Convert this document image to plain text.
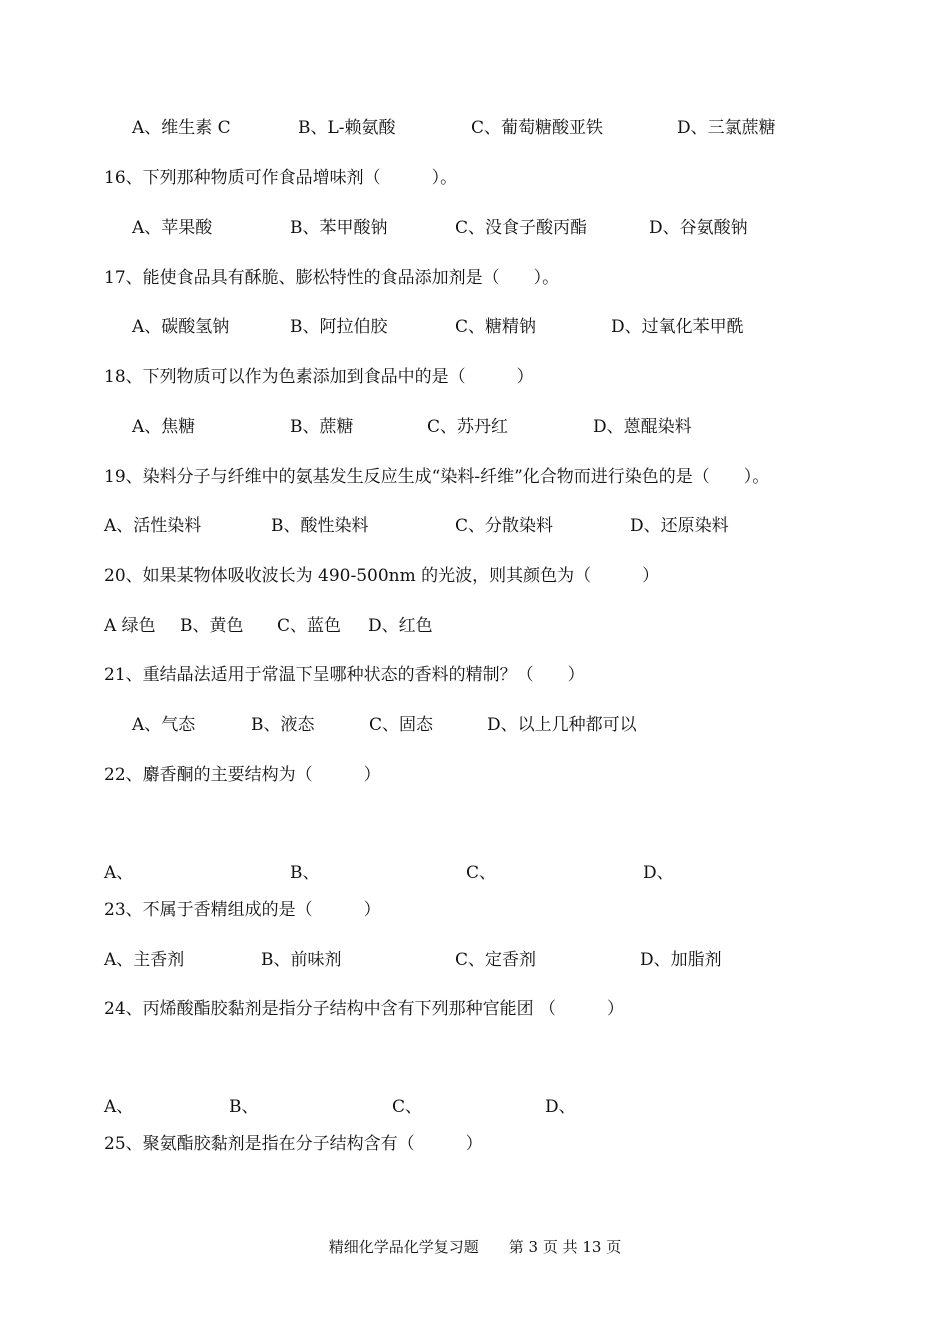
A、维生素 C	B、L-赖氨酸	C、葡萄糖酸亚铁	D、三氯蔗糖
16、下列那种物质可作食品增味剂（　　　）。
A、苹果酸	B、苯甲酸钠	C、没食子酸丙酯	D、谷氨酸钠
17、能使食品具有酥脆、膨松特性的食品添加剂是（　　）。
A、碳酸氢钠	B、阿拉伯胶	C、糖精钠	D、过氧化苯甲酰
18、下列物质可以作为色素添加到食品中的是（　　　）
A、焦糖	B、蔗糖	C、苏丹红	D、蒽醌染料
19、染料分子与纤维中的氨基发生反应生成“染料-纤维”化合物而进行染色的是（　　）。
A、活性染料	B、酸性染料	C、分散染料	D、还原染料
20、如果某物体吸收波长为 490-500nm 的光波，则其颜色为（　　　）
A 绿色 B、黄色 C、蓝色 D、红色
21、重结晶法适用于常温下呈哪种状态的香料的精制？（　　）
A、气态	B、液态	C、固态	D、以上几种都可以
22、麝香酮的主要结构为（　　　）
A、	B、	C、	D、
23、不属于香精组成的是（　　　）
A、主香剂	B、前味剂	C、定香剂	D、加脂剂
24、丙烯酸酯胶黏剂是指分子结构中含有下列那种官能团 （　　　）
A、	B、	C、	D、
25、聚氨酯胶黏剂是指在分子结构含有（　　　）
精细化学品化学复习题　　第 3 页 共 13 页
